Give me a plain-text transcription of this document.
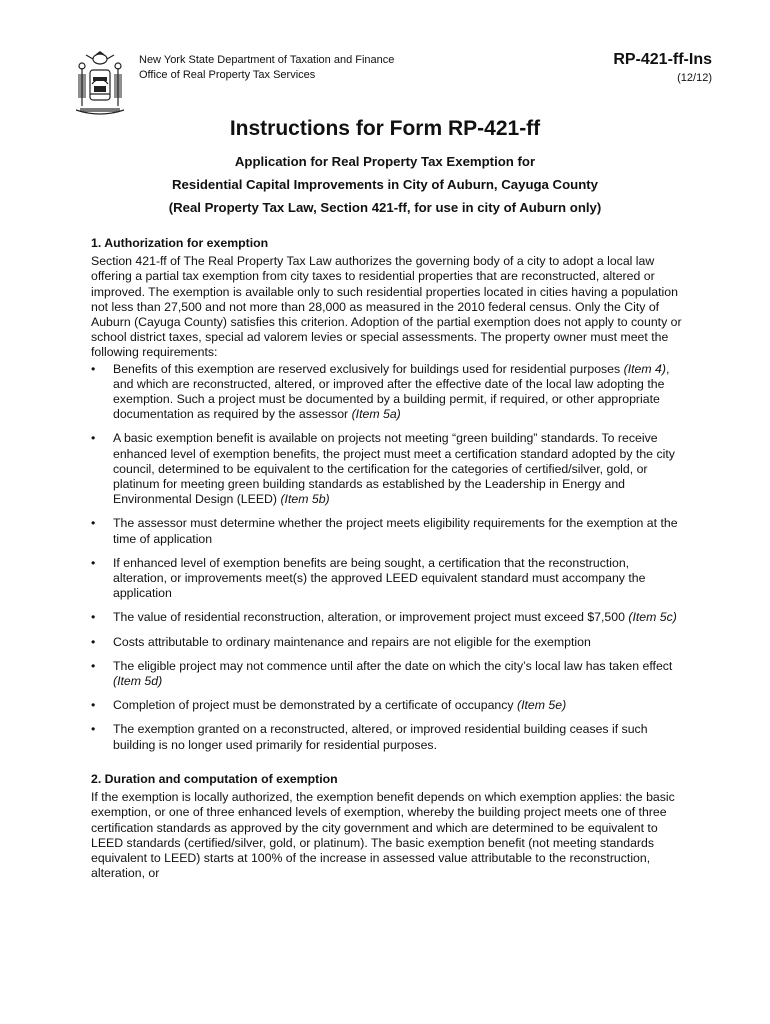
New York State Department of Taxation and Finance
Office of Real Property Tax Services
RP-421-ff-Ins
(12/12)
Instructions for Form RP-421-ff
Application for Real Property Tax Exemption for
Residential Capital Improvements in City of Auburn, Cayuga County
(Real Property Tax Law, Section 421-ff, for use in city of Auburn only)
1. Authorization for exemption

Section 421-ff of The Real Property Tax Law authorizes the governing body of a city to adopt a local law offering a partial tax exemption from city taxes to residential properties that are reconstructed, altered or improved. The exemption is available only to such residential properties located in cities having a population not less than 27,500 and not more than 28,000 as measured in the 2010 federal census. Only the City of Auburn (Cayuga County) satisfies this criterion. Adoption of the partial exemption does not apply to county or school district taxes, special ad valorem levies or special assessments. The property owner must meet the following requirements:

• Benefits of this exemption are reserved exclusively for buildings used for residential purposes (Item 4), and which are reconstructed, altered, or improved after the effective date of the local law adopting the exemption. Such a project must be documented by a building permit, if required, or other appropriate documentation as required by the assessor (Item 5a)
• A basic exemption benefit is available on projects not meeting “green building” standards. To receive enhanced level of exemption benefits, the project must meet a certification standard adopted by the city council, determined to be equivalent to the certification for the categories of certified/silver, gold, or platinum for meeting green building standards as established by the Leadership in Energy and Environmental Design (LEED) (Item 5b)
• The assessor must determine whether the project meets eligibility requirements for the exemption at the time of application
• If enhanced level of exemption benefits are being sought, a certification that the reconstruction, alteration, or improvements meet(s) the approved LEED equivalent standard must accompany the application
• The value of residential reconstruction, alteration, or improvement project must exceed $7,500 (Item 5c)
• Costs attributable to ordinary maintenance and repairs are not eligible for the exemption
• The eligible project may not commence until after the date on which the city’s local law has taken effect (Item 5d)
• Completion of project must be demonstrated by a certificate of occupancy (Item 5e)
• The exemption granted on a reconstructed, altered, or improved residential building ceases if such building is no longer used primarily for residential purposes.
2. Duration and computation of exemption

If the exemption is locally authorized, the exemption benefit depends on which exemption applies: the basic exemption, or one of three enhanced levels of exemption, whereby the building project meets one of three certification standards as approved by the city government and which are determined to be equivalent to LEED standards (certified/silver, gold, or platinum). The basic exemption benefit (not meeting standards equivalent to LEED) starts at 100% of the increase in assessed value attributable to the reconstruction, alteration, or
